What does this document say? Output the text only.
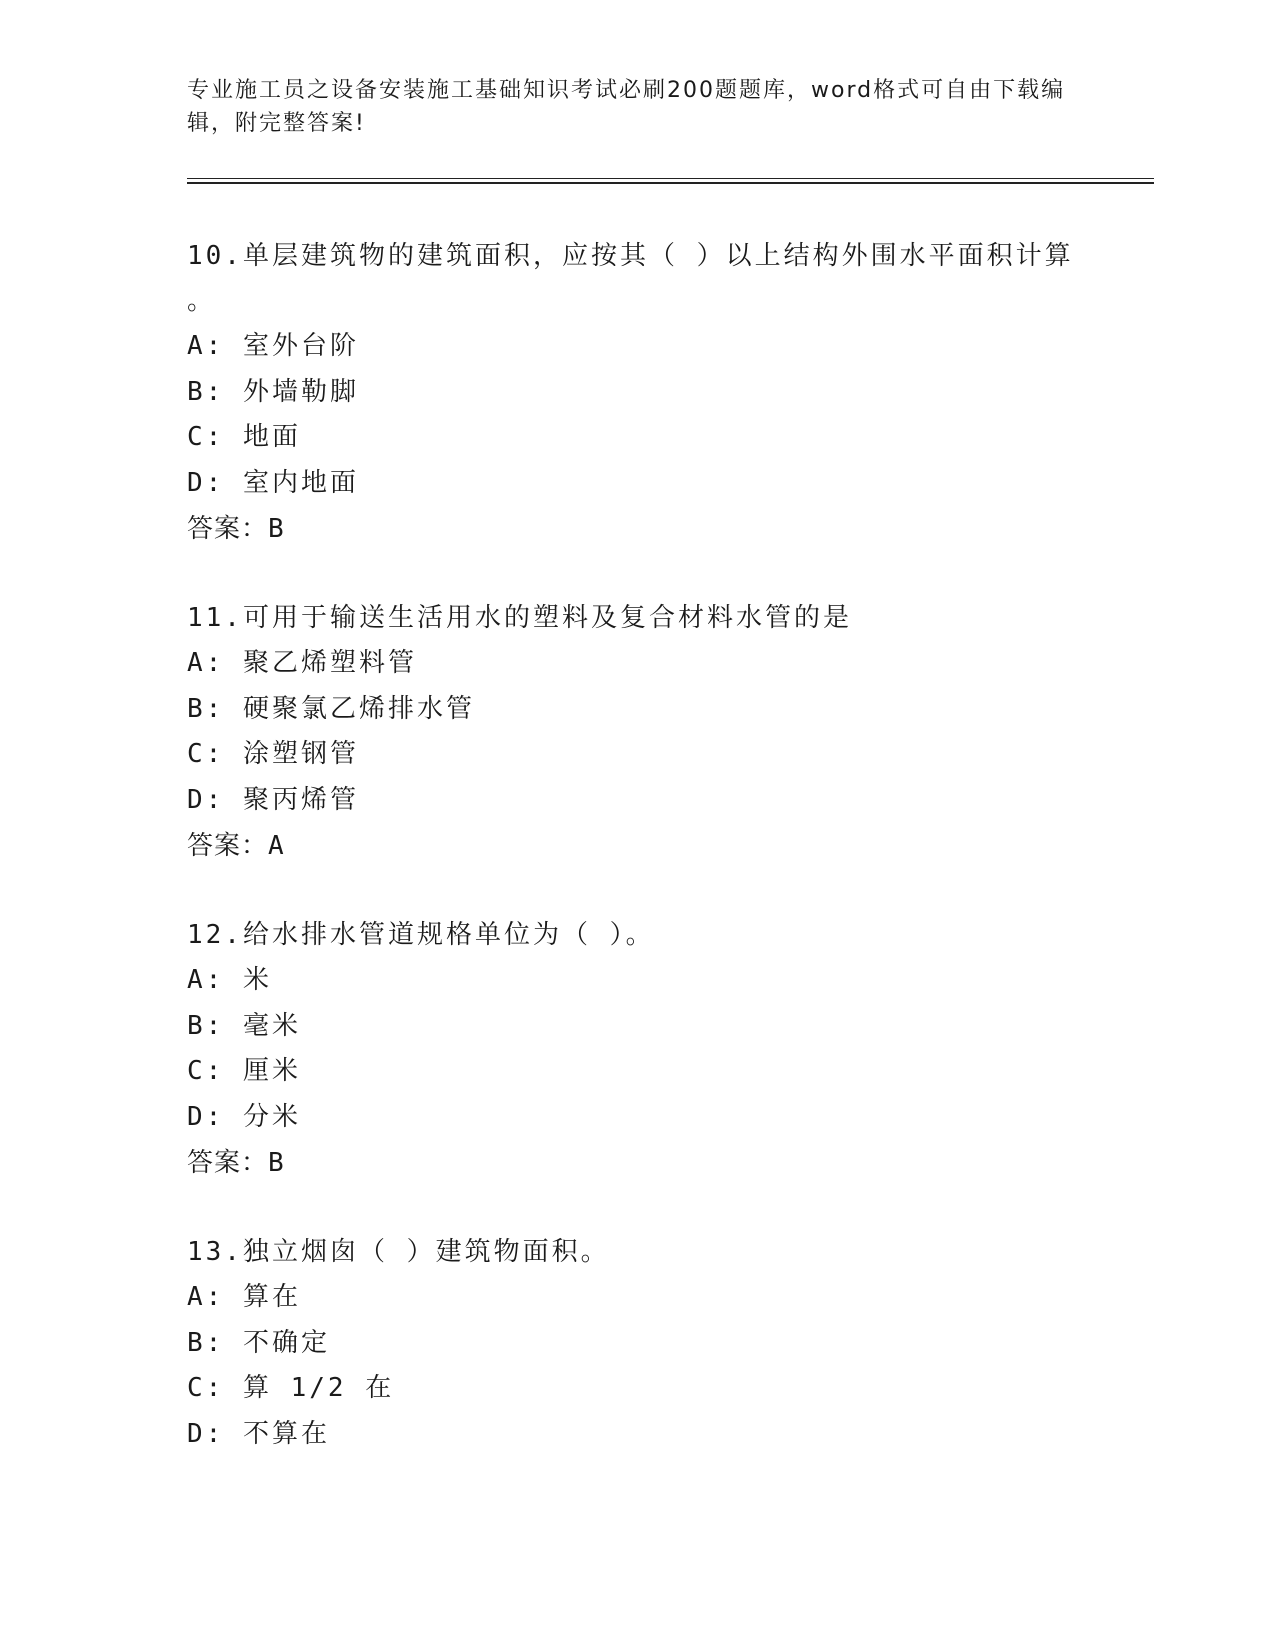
专业施工员之设备安装施工基础知识考试必刷200题题库，word格式可自由下载编辑，附完整答案!

10.单层建筑物的建筑面积，应按其（ ）以上结构外围水平面积计算

。

A: 室外台阶

B: 外墙勒脚

C: 地面

D: 室内地面

答案：B

11.可用于输送生活用水的塑料及复合材料水管的是

A: 聚乙烯塑料管

B: 硬聚氯乙烯排水管

C: 涂塑钢管

D: 聚丙烯管

答案：A

12.给水排水管道规格单位为（ ）。

A: 米

B: 毫米

C: 厘米

D: 分米

答案：B

13.独立烟囱（ ）建筑物面积。

A: 算在

B: 不确定

C: 算 1/2 在

D: 不算在
